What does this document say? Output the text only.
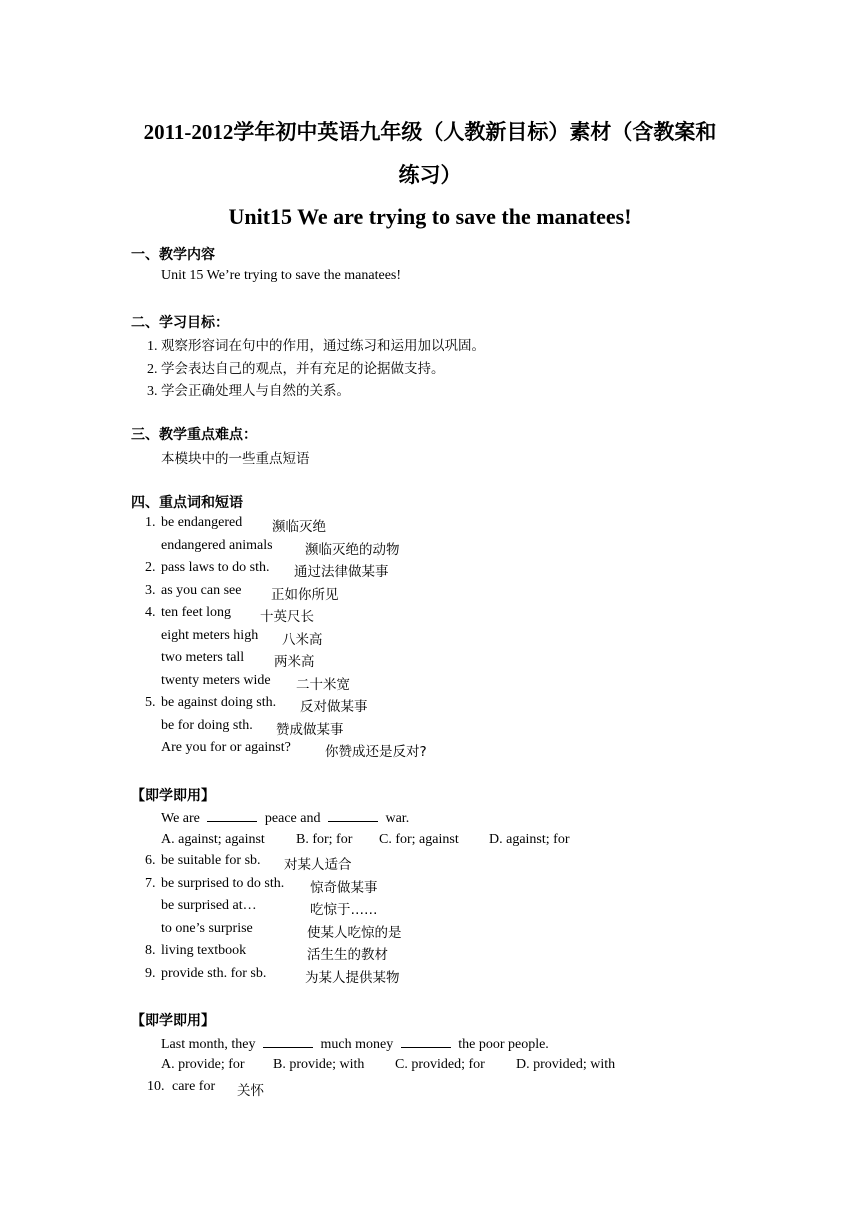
2011-2012学年初中英语九年级（人教新目标）素材（含教案和
练习）
Unit15 We are trying to save the manatees!
一、教学内容
Unit 15 We’re trying to save the manatees!
二、学习目标：
1. 观察形容词在句中的作用，通过练习和运用加以巩固。
2. 学会表达自己的观点，并有充足的论据做支持。
3. 学会正确处理人与自然的关系。
三、教学重点难点：
本模块中的一些重点短语
四、重点词和短语
1. be endangered 濒临灭绝
endangered animals 濒临灭绝的动物
2. pass laws to do sth. 通过法律做某事
3. as you can see 正如你所见
4. ten feet long 十英尺长
eight meters high 八米高
two meters tall 两米高
twenty meters wide 二十米宽
5. be against doing sth. 反对做某事
be for doing sth. 赞成做某事
Are you for or against?	你赞成还是反对?
【即学即用】
We are	peace and	war.
A. against; against B. for; for C. for; against D. against; for
6. be suitable for sb. 对某人适合
7. be surprised to do sth. 惊奇做某事
be surprised at…	吃惊于……
to one’s surprise	使某人吃惊的是
8. living textbook	活生生的教材
9. provide sth. for sb.	为某人提供某物
【即学即用】
Last month, they	much money	the poor people.
A. provide; for B. provide; with C. provided; for D. provided; with
10. care for 关怀
